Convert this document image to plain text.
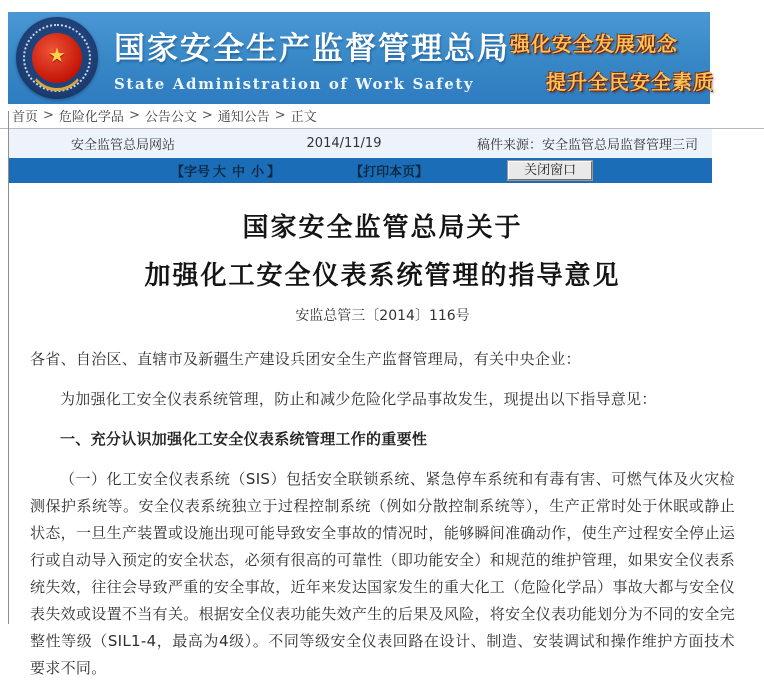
★ 国家安全生产监督管理总局
State Administration of Work Safety
强化安全发展观念
提升全民安全素质
首页 > 危险化学品 > 公告公文 > 通知公告 > 正文
安全监管总局网站	2014/11/19	稿件来源：安全监管总局监督管理三司
【字号 大 中 小 】	【打印本页】	关闭窗口
国家安全监管总局关于
加强化工安全仪表系统管理的指导意见
安监总管三〔2014〕116号

各省、自治区、直辖市及新疆生产建设兵团安全生产监督管理局，有关中央企业：

为加强化工安全仪表系统管理，防止和减少危险化学品事故发生，现提出以下指导意见：

一、充分认识加强化工安全仪表系统管理工作的重要性

（一）化工安全仪表系统（SIS）包括安全联锁系统、紧急停车系统和有毒有害、可燃气体及火灾检测保护系统等。安全仪表系统独立于过程控制系统（例如分散控制系统等），生产正常时处于休眠或静止状态，一旦生产装置或设施出现可能导致安全事故的情况时，能够瞬间准确动作，使生产过程安全停止运行或自动导入预定的安全状态，必须有很高的可靠性（即功能安全）和规范的维护管理，如果安全仪表系统失效，往往会导致严重的安全事故，近年来发达国家发生的重大化工（危险化学品）事故大都与安全仪表失效或设置不当有关。根据安全仪表功能失效产生的后果及风险，将安全仪表功能划分为不同的安全完整性等级（SIL1-4，最高为4级）。不同等级安全仪表回路在设计、制造、安装调试和操作维护方面技术要求不同。
